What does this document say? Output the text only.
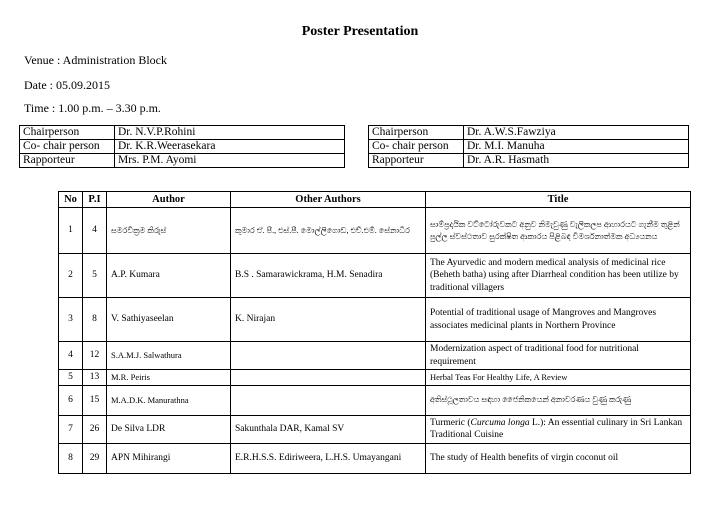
Poster Presentation
Venue : Administration Block
Date : 05.09.2015
Time : 1.00 p.m. – 3.30 p.m.
Chairperson	Dr. N.V.P.Rohini
Co- chair person	Dr. K.R.Weerasekara
Rapporteur	Mrs. P.M. Ayomi
Chairperson	Dr. A.W.S.Fawziya
Co- chair person	Dr. M.I. Manuha
Rapporteur	Dr. A.R. Hasmath
No	P.I	Author	Other Authors	Title
1	4	සමරවික්‍රම කිරුස්	කුමාර ඒ. පී., එස්.පී. මොල්ලිගොඩ, එච්.එම්. සේනාධීර	සාම්ප්‍රදායික වට්ටෝරුවකට අනුව නිමැවුණු වැලිකලප ආහාරයට ගැනීම තුළින් පුල්ල ස්වස්ථතාව සුරක්ෂිත ආකාරය පිළිබඳ විමර්ශනාත්මක අධ්‍යයනය
2	5	A.P. Kumara	B.S . Samarawickrama, H.M. Senadira	The Ayurvedic and modern medical analysis of medicinal rice (Beheth batha) using after Diarrheal condition has been utilize by traditional villagers
3	8	V. Sathiyaseelan	K. Nirajan	Potential of traditional usage of Mangroves and Mangroves associates medicinal plants in Northern Province
4	12	S.A.M.J. Salwathura		Modernization aspect of traditional food for nutritional requirement
5	13	M.R. Peiris		Herbal Teas For Healthy Life, A Review
6	15	M.A.D.K. Manurathna		අතිස්ථූලතාවය සඳහා ජෛනිකයෙන් අනාවරණය වුණු කරුණු
7	26	De Silva LDR	Sakunthala DAR, Kamal SV	Turmeric (Curcuma longa L.): An essential culinary in Sri Lankan Traditional Cuisine
8	29	APN Mihirangi	E.R.H.S.S. Ediriweera, L.H.S. Umayangani	The study of Health benefits of virgin coconut oil
